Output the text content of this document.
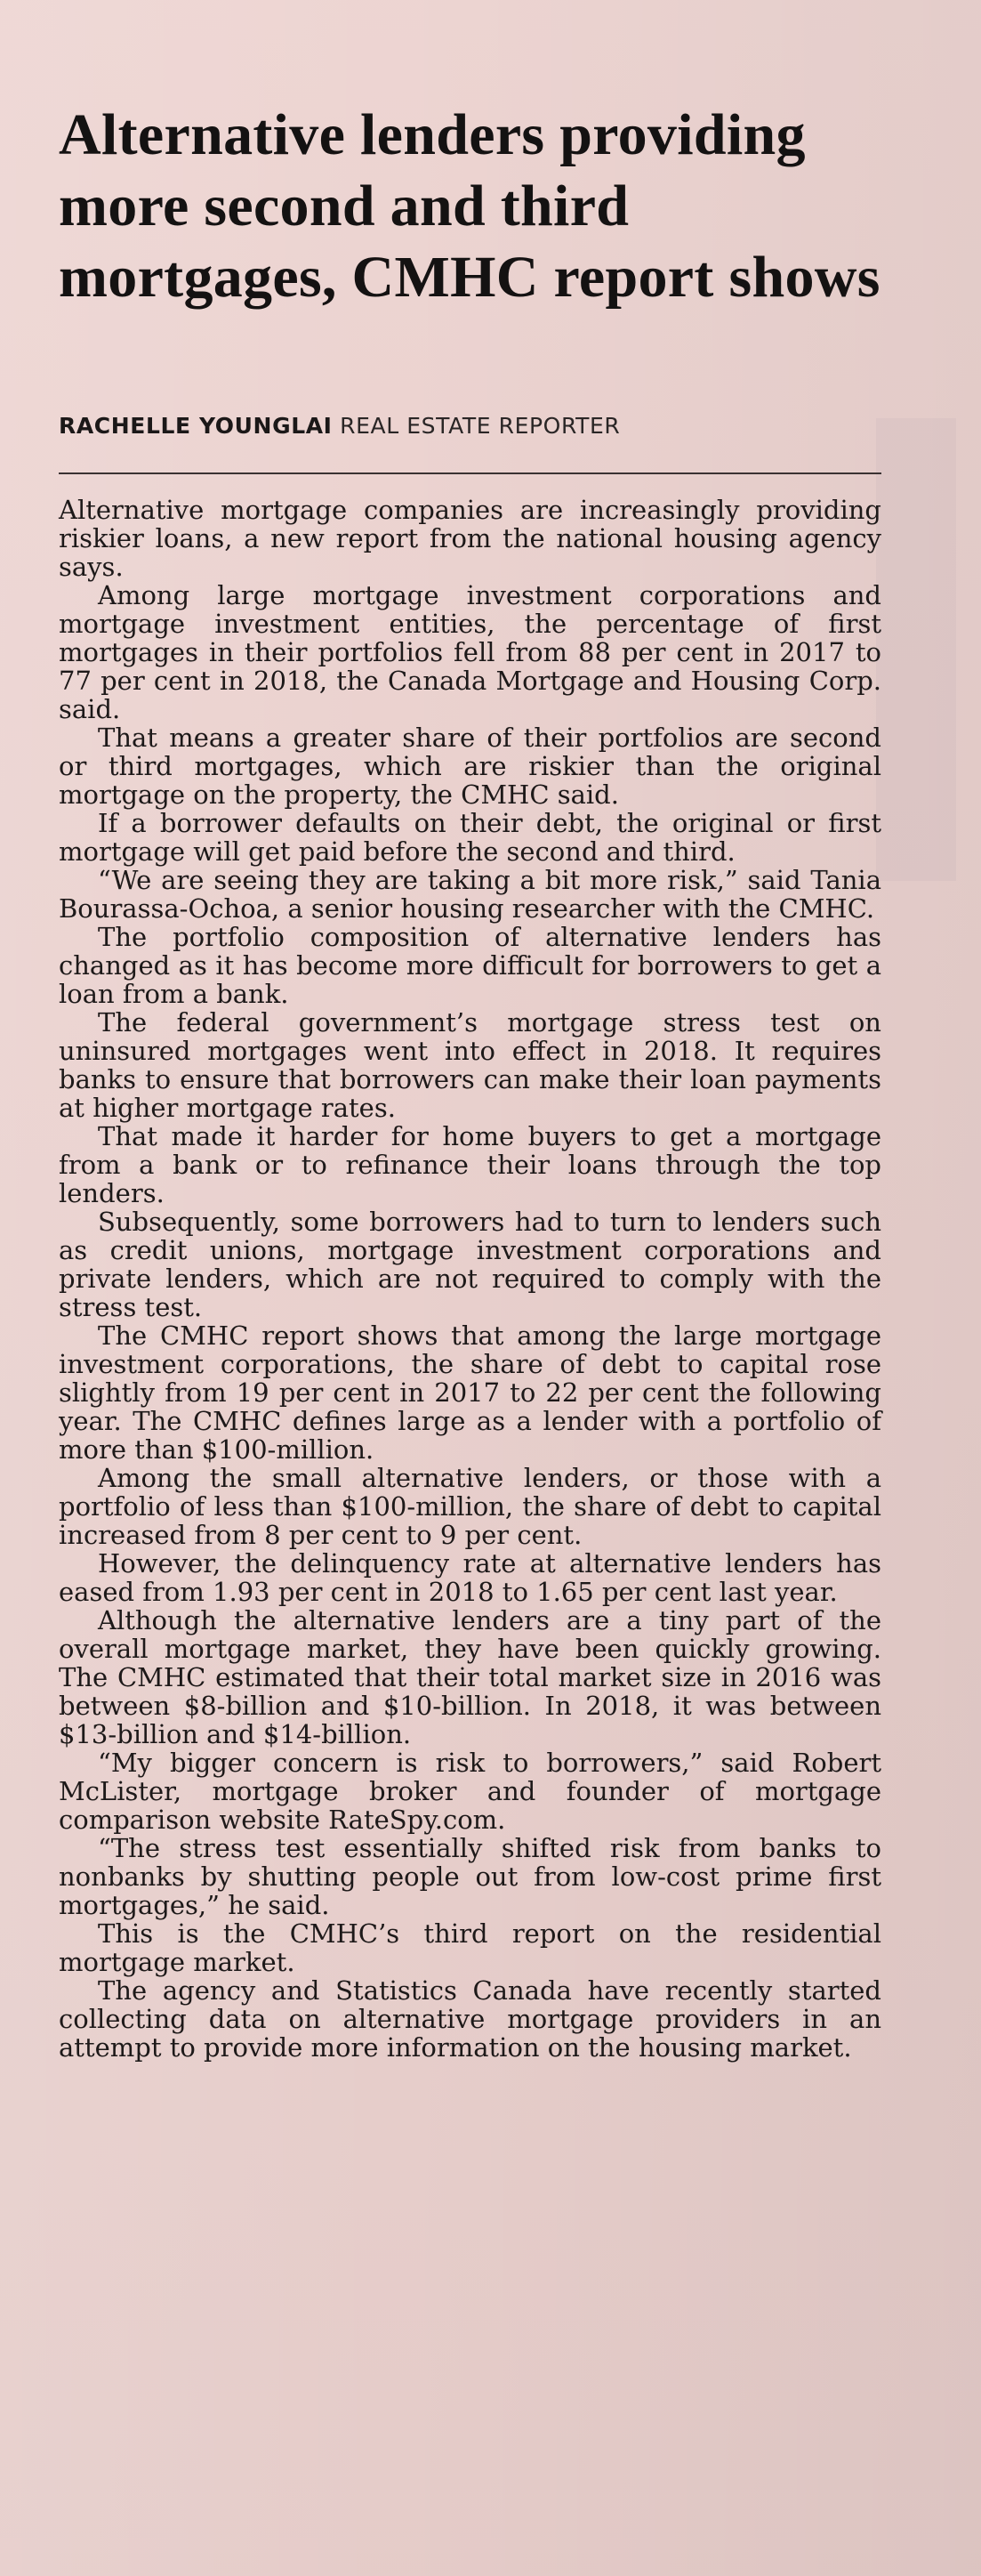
Alternative lenders providing more second and third mortgages, CMHC report shows
RACHELLE YOUNGLAI REAL ESTATE REPORTER

Alternative mortgage companies are increasingly providing riskier loans, a new report from the national housing agency says.

Among large mortgage investment corporations and mortgage investment entities, the percentage of first mortgages in their portfolios fell from 88 per cent in 2017 to 77 per cent in 2018, the Canada Mortgage and Housing Corp. said.

That means a greater share of their portfolios are second or third mortgages, which are riskier than the original mortgage on the property, the CMHC said.

If a borrower defaults on their debt, the original or first mortgage will get paid before the second and third.

“We are seeing they are taking a bit more risk,” said Tania Bourassa-Ochoa, a senior housing researcher with the CMHC.

The portfolio composition of alternative lenders has changed as it has become more difficult for borrowers to get a loan from a bank.

The federal government’s mortgage stress test on uninsured mortgages went into effect in 2018. It requires banks to ensure that borrowers can make their loan payments at higher mortgage rates.

That made it harder for home buyers to get a mortgage from a bank or to refinance their loans through the top lenders.

Subsequently, some borrowers had to turn to lenders such as credit unions, mortgage investment corporations and private lenders, which are not required to comply with the stress test.

The CMHC report shows that among the large mortgage investment corporations, the share of debt to capital rose slightly from 19 per cent in 2017 to 22 per cent the following year. The CMHC defines large as a lender with a portfolio of more than $100-million.

Among the small alternative lenders, or those with a portfolio of less than $100-million, the share of debt to capital increased from 8 per cent to 9 per cent.

However, the delinquency rate at alternative lenders has eased from 1.93 per cent in 2018 to 1.65 per cent last year.

Although the alternative lenders are a tiny part of the overall mortgage market, they have been quickly growing. The CMHC estimated that their total market size in 2016 was between $8-billion and $10-billion. In 2018, it was between $13-billion and $14-billion.

“My bigger concern is risk to borrowers,” said Robert McLister, mortgage broker and founder of mortgage comparison website RateSpy.com.

“The stress test essentially shifted risk from banks to nonbanks by shutting people out from low-cost prime first mortgages,” he said.

This is the CMHC’s third report on the residential mortgage market.

The agency and Statistics Canada have recently started collecting data on alternative mortgage providers in an attempt to provide more information on the housing market.
